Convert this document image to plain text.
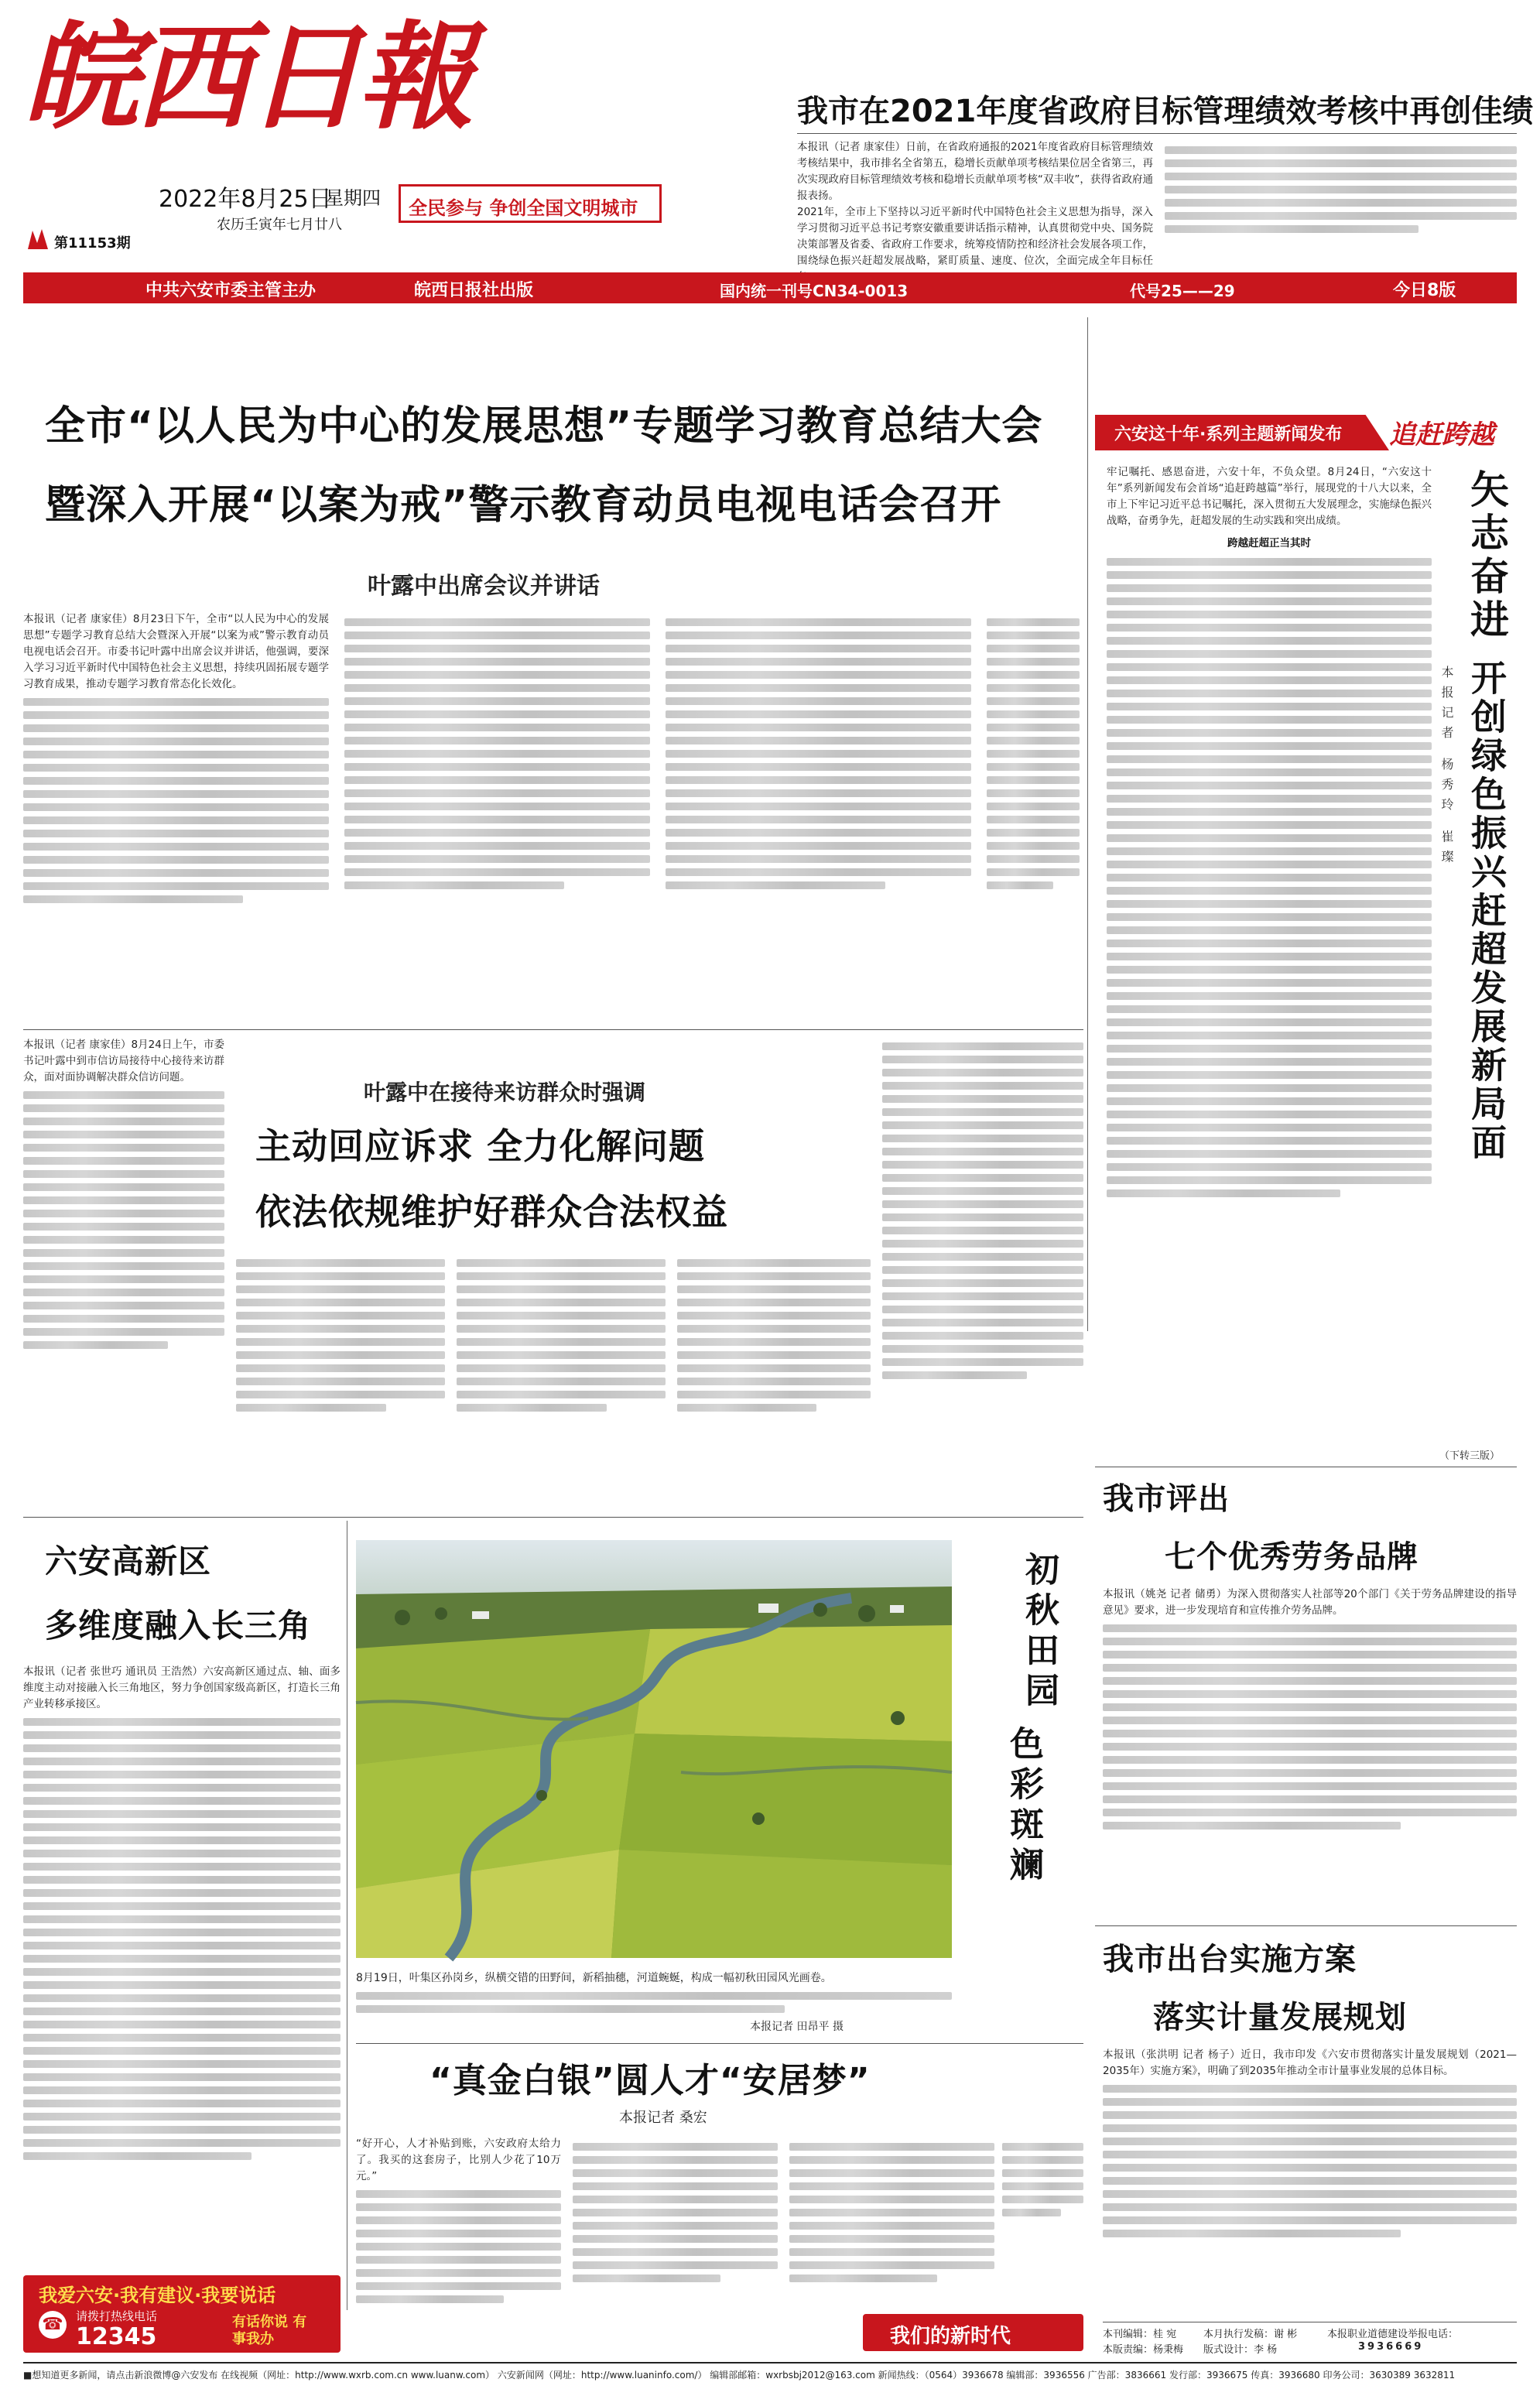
皖西日報
第11153期
2022年8月25日
星期四
农历壬寅年七月廿八
全民参与 争创全国文明城市
我市在2021年度省政府目标管理绩效考核中再创佳绩

本报讯（记者 康家佳）日前，在省政府通报的2021年度省政府目标管理绩效考核结果中，我市排名全省第五，稳增长贡献单项考核结果位居全省第三，再次实现政府目标管理绩效考核和稳增长贡献单项考核“双丰收”，获得省政府通报表扬。

2021年，全市上下坚持以习近平新时代中国特色社会主义思想为指导，深入学习贯彻习近平总书记考察安徽重要讲话指示精神，认真贯彻党中央、国务院决策部署及省委、省政府工作要求，统筹疫情防控和经济社会发展各项工作，围绕绿色振兴赶超发展战略，紧盯质量、速度、位次，全面完成全年目标任

中共六安市委主管主办	皖西日报社出版	国内统一刊号CN34-0013	代号25——29	今日8版
全市“以人民为中心的发展思想”专题学习教育总结大会
暨深入开展“以案为戒”警示教育动员电视电话会召开
叶露中出席会议并讲话

本报讯（记者 康家佳）8月23日下午，全市“以人民为中心的发展思想”专题学习教育总结大会暨深入开展“以案为戒”警示教育动员电视电话会召开。市委书记叶露中出席会议并讲话，他强调，要深入学习习近平新时代中国特色社会主义思想，持续巩固拓展专题学习教育成果，推动专题学习教育常态化长效化。

六安这十年·系列主题新闻发布 追赶跨越

牢记嘱托、感恩奋进，六安十年，不负众望。8月24日，“六安这十年”系列新闻发布会首场“追赶跨越篇”举行，展现党的十八大以来，全市上下牢记习近平总书记嘱托，深入贯彻五大发展理念，实施绿色振兴战略，奋勇争先，赶超发展的生动实践和突出成绩。

跨越赶超正当其时	矢志奋进
开创绿色振兴赶超发展新局面
本报记者 杨秀玲 崔璨
（下转三版）

本报讯（记者 康家佳）8月24日上午，市委书记叶露中到市信访局接待中心接待来访群众，面对面协调解决群众信访问题。

叶露中在接待来访群众时强调
主动回应诉求 全力化解问题
依法依规维护好群众合法权益
六安高新区
多维度融入长三角

本报讯（记者 张世巧 通讯员 王浩然）六安高新区通过点、轴、面多维度主动对接融入长三角地区，努力争创国家级高新区，打造长三角产业转移承接区。

我爱六安·我有建议·我要说话
☎ 请拨打热线电话
12345
有话你说 有事我办
初秋田园
色彩斑斓
8月19日，叶集区孙岗乡，纵横交错的田野间，新稻抽穗，河道蜿蜒，构成一幅初秋田园风光画卷。
本报记者 田昂平 摄
“真金白银”圆人才“安居梦”
本报记者 桑宏

“好开心，人才补贴到账，六安政府太给力了。我买的这套房子，比别人少花了10万元。”

我们的新时代
我市评出
七个优秀劳务品牌

本报讯（姚尧 记者 储勇）为深入贯彻落实人社部等20个部门《关于劳务品牌建设的指导意见》要求，进一步发现培育和宣传推介劳务品牌。

我市出台实施方案
落实计量发展规划

本报讯（张洪明 记者 杨子）近日，我市印发《六安市贯彻落实计量发展规划（2021—2035年）实施方案》，明确了到2035年推动全市计量事业发展的总体目标。

本刊编辑：桂 宛	本月执行发稿：谢 彬
本版责编：杨秉梅 版式设计：李 杨
本报职业道德建设举报电话：
3936669
■想知道更多新闻，请点击新浪微博@六安发布 在线视频（网址：http://www.wxrb.com.cn www.luanw.com） 六安新闻网（网址：http://www.luaninfo.com/） 编辑部邮箱：wxrbsbj2012@163.com 新闻热线：（0564）3936678 编辑部：3936556 广告部：3836661 发行部：3936675 传真：3936680 印务公司：3630389 3632811
